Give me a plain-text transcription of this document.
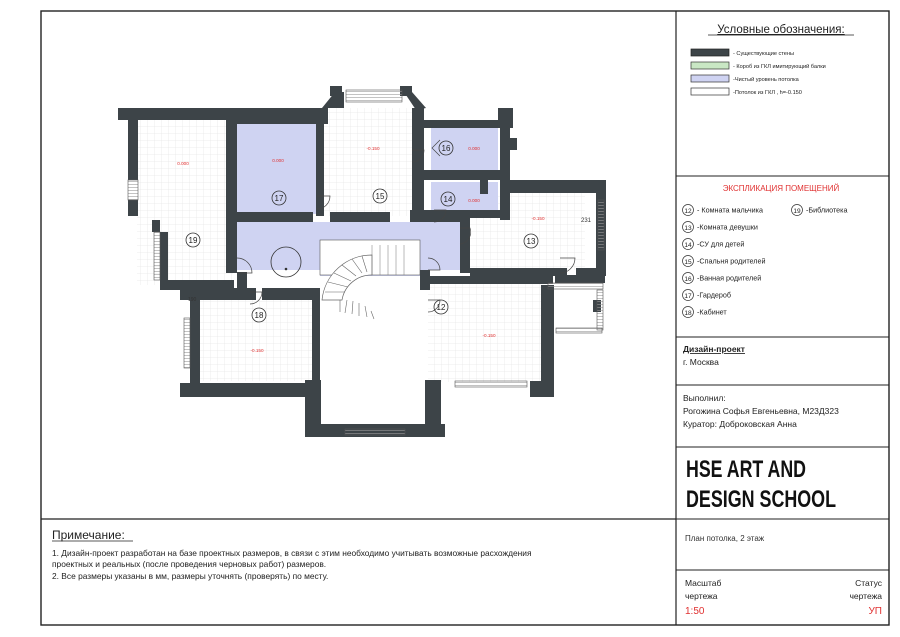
19
0.000
17
0.000
15
-0.150	16	0.000
14	0.000
13
-0.150
18
-0.150
12
-0.150
231
190
Условные обозначения:
- Существующие стены
- Короб из ГКЛ имитирующий балки
-Чистый уровень потолка
-Потолок из ГКЛ , h=-0.150
ЭКСПЛИКАЦИЯ ПОМЕЩЕНИЙ
12 - Комната мальчика	19 -Библиотека
13 -Комната девушки
14 -СУ для детей
15 -Спальня родителей
16 -Ванная родителей
17 -Гардероб
18 -Кабинет
Дизайн-проект
г. Москва
Выполнил:
Рогожина Софья Евгеньевна, М23Д323
Куратор: Доброковская Анна
HSE ART AND
DESIGN SCHOOL
План потолка, 2 этаж
Масштаб
чертежа
1:50
Статус
чертежа
УП
Примечание:
1. Дизайн-проект разработан на базе проектных размеров, в связи с этим необходимо учитывать возможные расхождения
проектных и реальных (после проведения черновых работ) размеров.
2. Все размеры указаны в мм, размеры уточнять (проверять) по месту.
